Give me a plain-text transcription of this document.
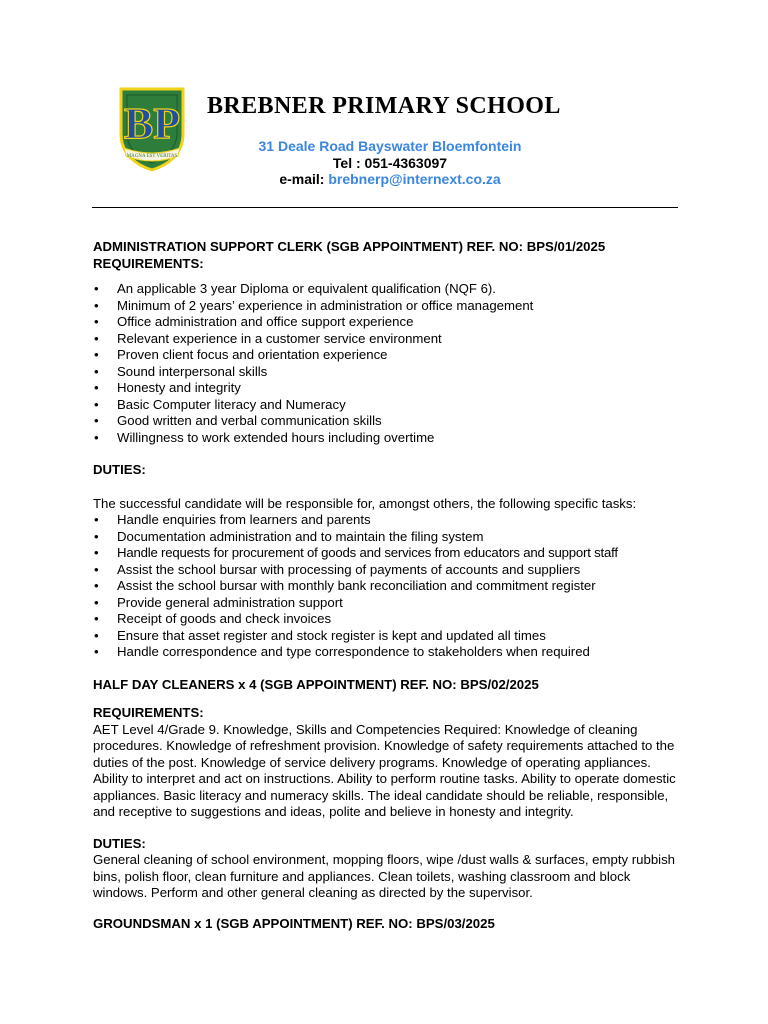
BP
MAGNA EST VERITAS
BREBNER PRIMARY SCHOOL
31 Deale Road Bayswater Bloemfontein
Tel : 051-4363097
e-mail: brebnerp@internext.co.za
ADMINISTRATION SUPPORT CLERK (SGB APPOINTMENT) REF. NO: BPS/01/2025
REQUIREMENTS:
• An applicable 3 year Diploma or equivalent qualification (NQF 6).
• Minimum of 2 years’ experience in administration or office management
• Office administration and office support experience
• Relevant experience in a customer service environment
• Proven client focus and orientation experience
• Sound interpersonal skills
• Honesty and integrity
• Basic Computer literacy and Numeracy
• Good written and verbal communication skills
• Willingness to work extended hours including overtime
DUTIES:

The successful candidate will be responsible for, amongst others, the following specific tasks:

• Handle enquiries from learners and parents
• Documentation administration and to maintain the filing system
• Handle requests for procurement of goods and services from educators and support staff
• Assist the school bursar with processing of payments of accounts and suppliers
• Assist the school bursar with monthly bank reconciliation and commitment register
• Provide general administration support
• Receipt of goods and check invoices
• Ensure that asset register and stock register is kept and updated all times
• Handle correspondence and type correspondence to stakeholders when required
HALF DAY CLEANERS x 4 (SGB APPOINTMENT) REF. NO: BPS/02/2025
REQUIREMENTS:

AET Level 4/Grade 9. Knowledge, Skills and Competencies Required: Knowledge of cleaning procedures. Knowledge of refreshment provision. Knowledge of safety requirements attached to the duties of the post. Knowledge of service delivery programs. Knowledge of operating appliances. Ability to interpret and act on instructions. Ability to perform routine tasks. Ability to operate domestic appliances. Basic literacy and numeracy skills. The ideal candidate should be reliable, responsible, and receptive to suggestions and ideas, polite and believe in honesty and integrity.

DUTIES:

General cleaning of school environment, mopping floors, wipe /dust walls & surfaces, empty rubbish bins, polish floor, clean furniture and appliances. Clean toilets, washing classroom and block windows. Perform and other general cleaning as directed by the supervisor.

GROUNDSMAN x 1 (SGB APPOINTMENT) REF. NO: BPS/03/2025
